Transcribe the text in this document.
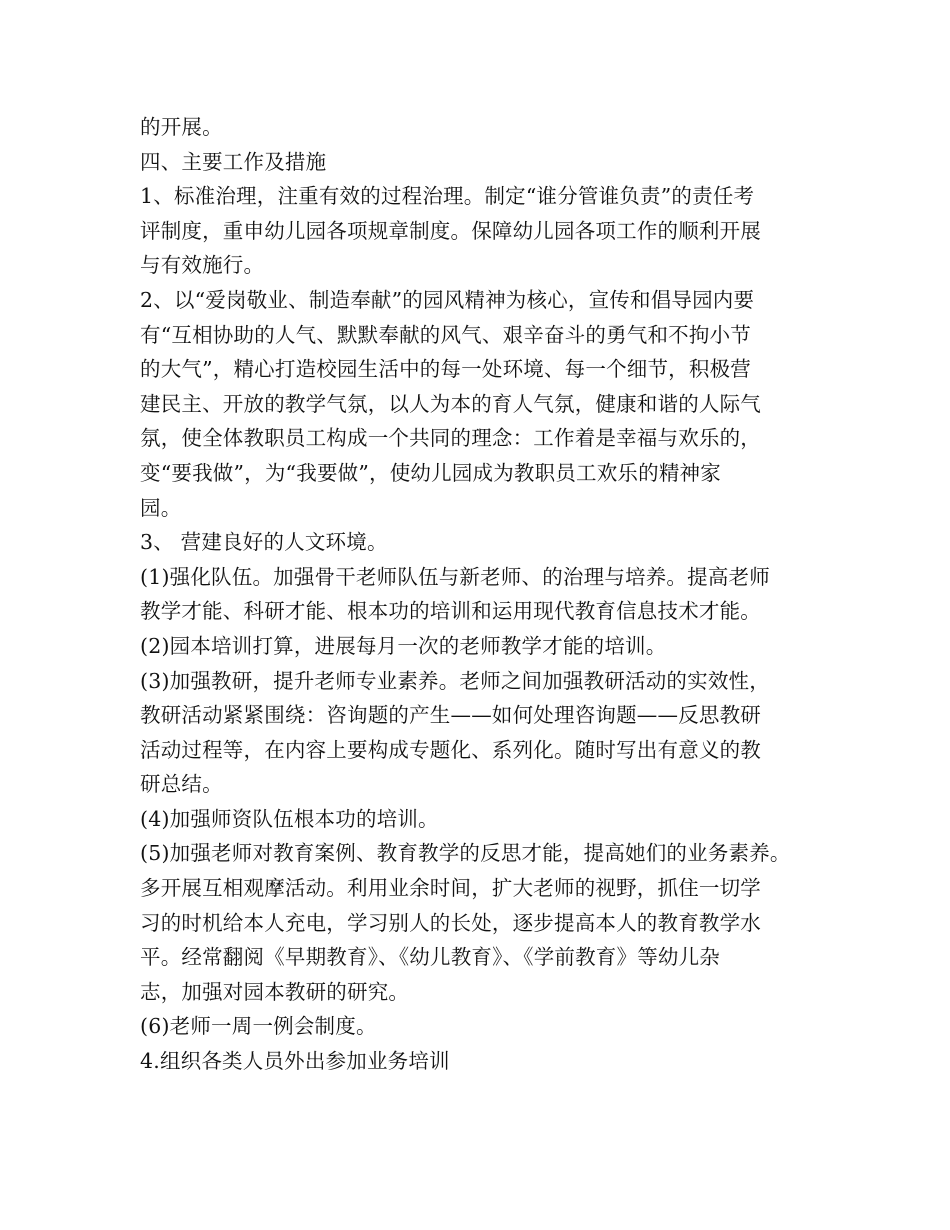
的开展。
四、主要工作及措施
1、标准治理，注重有效的过程治理。制定“谁分管谁负责”的责任考
评制度，重申幼儿园各项规章制度。保障幼儿园各项工作的顺利开展
与有效施行。
2、以“爱岗敬业、制造奉献”的园风精神为核心，宣传和倡导园内要
有“互相协助的人气、默默奉献的风气、艰辛奋斗的勇气和不拘小节
的大气”，精心打造校园生活中的每一处环境、每一个细节，积极营
建民主、开放的教学气氛，以人为本的育人气氛，健康和谐的人际气
氛，使全体教职员工构成一个共同的理念：工作着是幸福与欢乐的，
变“要我做”，为“我要做”，使幼儿园成为教职员工欢乐的精神家
园。
3、 营建良好的人文环境。
(1)强化队伍。加强骨干老师队伍与新老师、的治理与培养。提高老师
教学才能、科研才能、根本功的培训和运用现代教育信息技术才能。
(2)园本培训打算，进展每月一次的老师教学才能的培训。
(3)加强教研，提升老师专业素养。老师之间加强教研活动的实效性，
教研活动紧紧围绕：咨询题的产生——如何处理咨询题——反思教研
活动过程等，在内容上要构成专题化、系列化。随时写出有意义的教
研总结。
(4)加强师资队伍根本功的培训。
(5)加强老师对教育案例、教育教学的反思才能，提高她们的业务素养。
多开展互相观摩活动。利用业余时间，扩大老师的视野，抓住一切学
习的时机给本人充电，学习别人的长处，逐步提高本人的教育教学水
平。经常翻阅《早期教育》、《幼儿教育》、《学前教育》等幼儿杂
志，加强对园本教研的研究。
(6)老师一周一例会制度。
4.组织各类人员外出参加业务培训
